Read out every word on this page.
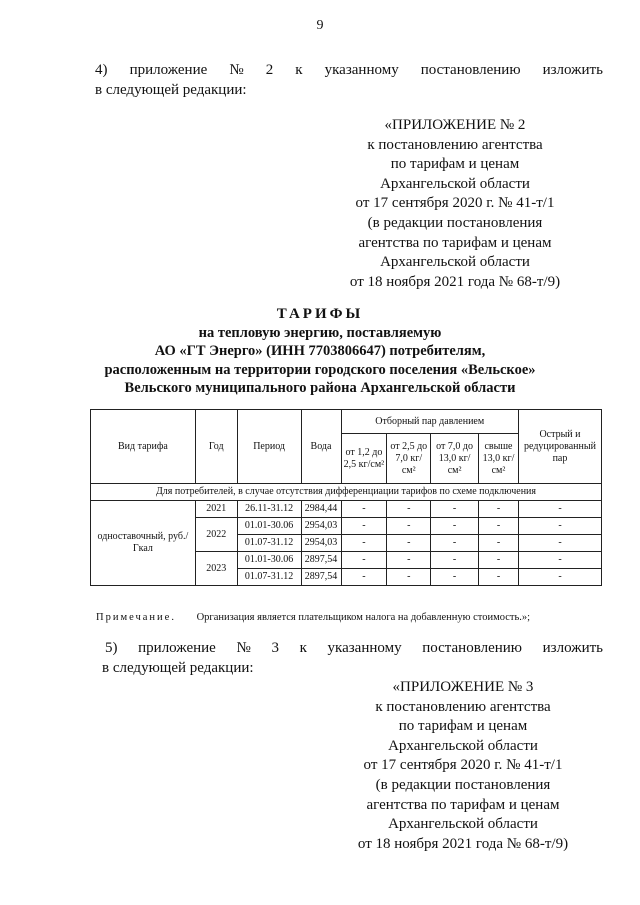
9
4) приложение № 2 к указанному постановлению изложить
в следующей редакции:
«ПРИЛОЖЕНИЕ № 2
к постановлению агентства
по тарифам и ценам
Архангельской области
от 17 сентября 2020 г. № 41-т/1
(в редакции постановления
агентства по тарифам и ценам
Архангельской области
от 18 ноября 2021 года № 68-т/9)
ТАРИФЫ
на тепловую энергию, поставляемую
АО «ГТ Энерго» (ИНН 7703806647) потребителям,
расположенным на территории городского поселения «Вельское»
Вельского муниципального района Архангельской области
Вид тарифа	Год	Период	Вода	Отборный пар давлением				Острый и редуцированный пар
				от 1,2 до 2,5 кг/см²	от 2,5 до 7,0 кг/см²	от 7,0 до 13,0 кг/см²	свыше 13,0 кг/см²	
Для потребителей, в случае отсутствия дифференциации тарифов по схеме подключения								
одноставочный, руб./Гкал	2021	26.11-31.12	2984,44	-	-	-	-	-
	2022	01.01-30.06	2954,03	-	-	-	-	-
		01.07-31.12	2954,03	-	-	-	-	-
	2023	01.01-30.06	2897,54	-	-	-	-	-
		01.07-31.12	2897,54	-	-	-	-	-
Примечание. Организация является плательщиком налога на добавленную стоимость.»;
5) приложение № 3 к указанному постановлению изложить
в следующей редакции:
«ПРИЛОЖЕНИЕ № 3
к постановлению агентства
по тарифам и ценам
Архангельской области
от 17 сентября 2020 г. № 41-т/1
(в редакции постановления
агентства по тарифам и ценам
Архангельской области
от 18 ноября 2021 года № 68-т/9)
